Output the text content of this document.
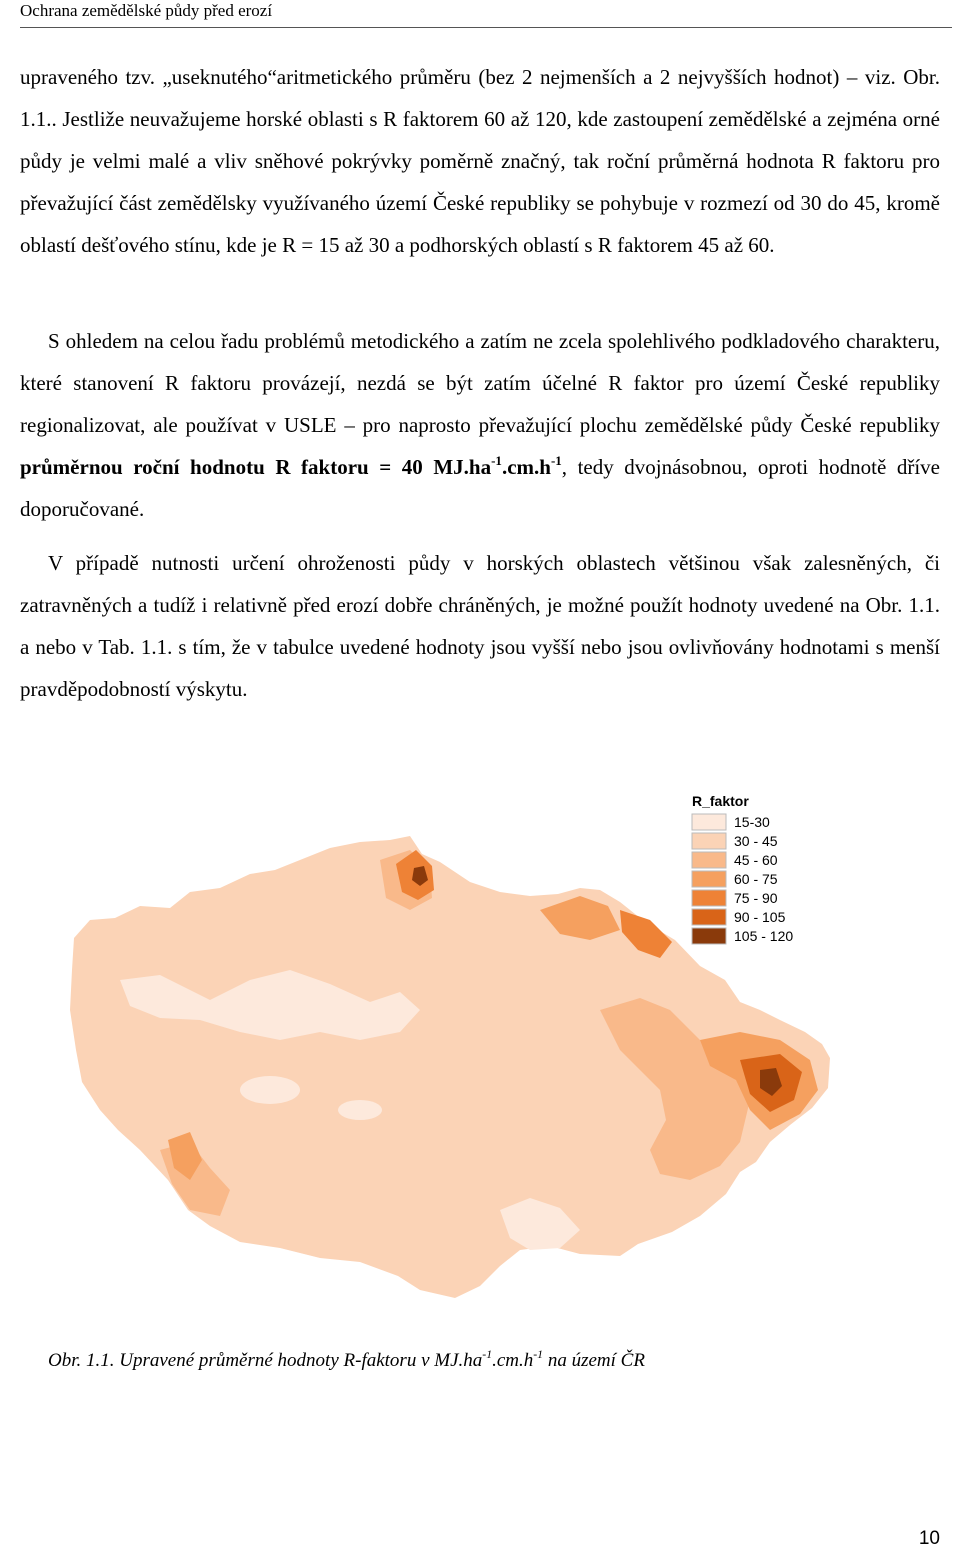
Ochrana zemědělské půdy před erozí

upraveného tzv. „useknutého“aritmetického průměru (bez 2 nejmenších a 2 nejvyšších hodnot) – viz. Obr. 1.1.. Jestliže neuvažujeme horské oblasti s R faktorem 60 až 120, kde zastoupení zemědělské a zejména orné půdy je velmi malé a vliv sněhové pokrývky poměrně značný, tak roční průměrná hodnota R faktoru pro převažující část zemědělsky využívaného území České republiky se pohybuje v rozmezí od 30 do 45, kromě oblastí dešťového stínu, kde je R = 15 až 30 a podhorských oblastí s R faktorem 45 až 60.

S ohledem na celou řadu problémů metodického a zatím ne zcela spolehlivého podkladového charakteru, které stanovení R faktoru provázejí, nezdá se být zatím účelné R faktor pro území České republiky regionalizovat, ale používat v USLE – pro naprosto převažující plochu zemědělské půdy České republiky průměrnou roční hodnotu R faktoru = 40 $MJ.ha^{-1}.cm.h^{-1}$, tedy dvojnásobnou, oproti hodnotě dříve doporučované.

V případě nutnosti určení ohroženosti půdy v horských oblastech většinou však zalesněných, či zatravněných a tudíž i relativně před erozí dobře chráněných, je možné použít hodnoty uvedené na Obr. 1.1. a nebo v Tab. 1.1. s tím, že v tabulce uvedené hodnoty jsou vyšší nebo jsou ovlivňovány hodnotami s menší pravděpodobností výskytu.

R_faktor
15-30
30 - 45
45 - 60
60 - 75
75 - 90
90 - 105
105 - 120
Obr. 1.1. Upravené průměrné hodnoty R-faktoru v $MJ.ha^{-1}.cm.h^{-1}$ na území ČR
10
